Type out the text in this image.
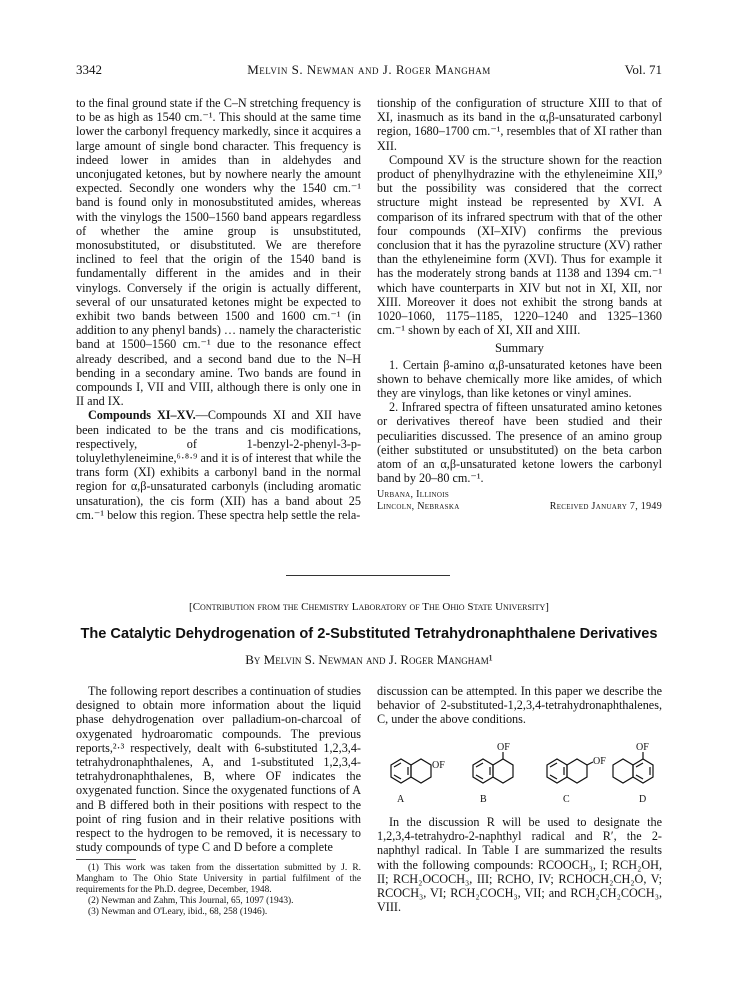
3342	Melvin S. Newman and J. Roger Mangham	Vol. 71

to the final ground state if the C–N stretching frequency is to be as high as 1540 cm.⁻¹. This should at the same time lower the carbonyl frequency markedly, since it acquires a large amount of single bond character. This frequency is indeed lower in amides than in aldehydes and unconjugated ketones, but by nowhere nearly the amount expected. Secondly one wonders why the 1540 cm.⁻¹ band is found only in monosubstituted amides, whereas with the vinylogs the 1500–1560 band appears regardless of whether the amine group is unsubstituted, monosubstituted, or disubstituted. We are therefore inclined to feel that the origin of the 1540 band is fundamentally different in the amides and in their vinylogs. Conversely if the origin is actually different, several of our unsaturated ketones might be expected to exhibit two bands between 1500 and 1600 cm.⁻¹ (in addition to any phenyl bands) … namely the characteristic band at 1500–1560 cm.⁻¹ due to the resonance effect already described, and a second band due to the N–H bending in a secondary amine. Two bands are found in compounds I, VII and VIII, although there is only one in II and IX.

Compounds XI–XV.—Compounds XI and XII have been indicated to be the trans and cis modifications, respectively, of 1-benzyl-2-phenyl-3-p-toluylethyleneimine,⁶·⁸·⁹ and it is of interest that while the trans form (XI) exhibits a carbonyl band in the normal region for α,β-unsaturated carbonyls (including aromatic unsaturation), the cis form (XII) has a band about 25 cm.⁻¹ below this region. These spectra help settle the rela-

tionship of the configuration of structure XIII to that of XI, inasmuch as its band in the α,β-unsaturated carbonyl region, 1680–1700 cm.⁻¹, resembles that of XI rather than XII.

Compound XV is the structure shown for the reaction product of phenylhydrazine with the ethyleneimine XII,⁹ but the possibility was considered that the correct structure might instead be represented by XVI. A comparison of its infrared spectrum with that of the other four compounds (XI–XIV) confirms the previous conclusion that it has the pyrazoline structure (XV) rather than the ethyleneimine form (XVI). Thus for example it has the moderately strong bands at 1138 and 1394 cm.⁻¹ which have counterparts in XIV but not in XI, XII, nor XIII. Moreover it does not exhibit the strong bands at 1020–1060, 1175–1185, 1220–1240 and 1325–1360 cm.⁻¹ shown by each of XI, XII and XIII.

Summary

1. Certain β-amino α,β-unsaturated ketones have been shown to behave chemically more like amides, of which they are vinylogs, than like ketones or vinyl amines.

2. Infrared spectra of fifteen unsaturated amino ketones or derivatives thereof have been studied and their peculiarities discussed. The presence of an amino group (either substituted or unsubstituted) on the beta carbon atom of an α,β-unsaturated ketone lowers the carbonyl band by 20–80 cm.⁻¹.

Urbana, Illinois
Lincoln, Nebraska	Received January 7, 1949
[Contribution from the Chemistry Laboratory of The Ohio State University]
The Catalytic Dehydrogenation of 2-Substituted Tetrahydronaphthalene Derivatives
By Melvin S. Newman and J. Roger Mangham¹

The following report describes a continuation of studies designed to obtain more information about the liquid phase dehydrogenation over palladium-on-charcoal of oxygenated hydroaromatic compounds. The previous reports,²·³ respectively, dealt with 6-substituted 1,2,3,4-tetrahydronaphthalenes, A, and 1-substituted 1,2,3,4-tetrahydronaphthalenes, B, where OF indicates the oxygenated function. Since the oxygenated functions of A and B differed both in their positions with respect to the point of ring fusion and in their relative positions with respect to the hydrogen to be removed, it is necessary to study compounds of type C and D before a complete

(1) This work was taken from the dissertation submitted by J. R. Mangham to The Ohio State University in partial fulfilment of the requirements for the Ph.D. degree, December, 1948.

(2) Newman and Zahm, This Journal, 65, 1097 (1943).

(3) Newman and O'Leary, ibid., 68, 258 (1946).

discussion can be attempted. In this paper we describe the behavior of 2-substituted-1,2,3,4-tetrahydronaphthalenes, C, under the above conditions.

OF
OF
OF
OF
A	B	C	D

In the discussion R will be used to designate the 1,2,3,4-tetrahydro-2-naphthyl radical and R′, the 2-naphthyl radical. In Table I are summarized the results with the following compounds: RCOOCH₃, I; RCH₂OH, II; RCH₂OCOCH₃, III; RCHO, IV; RCHOCH₂CH₂O, V; RCOCH₃, VI; RCH₂COCH₃, VII; and RCH₂CH₂COCH₃, VIII.
